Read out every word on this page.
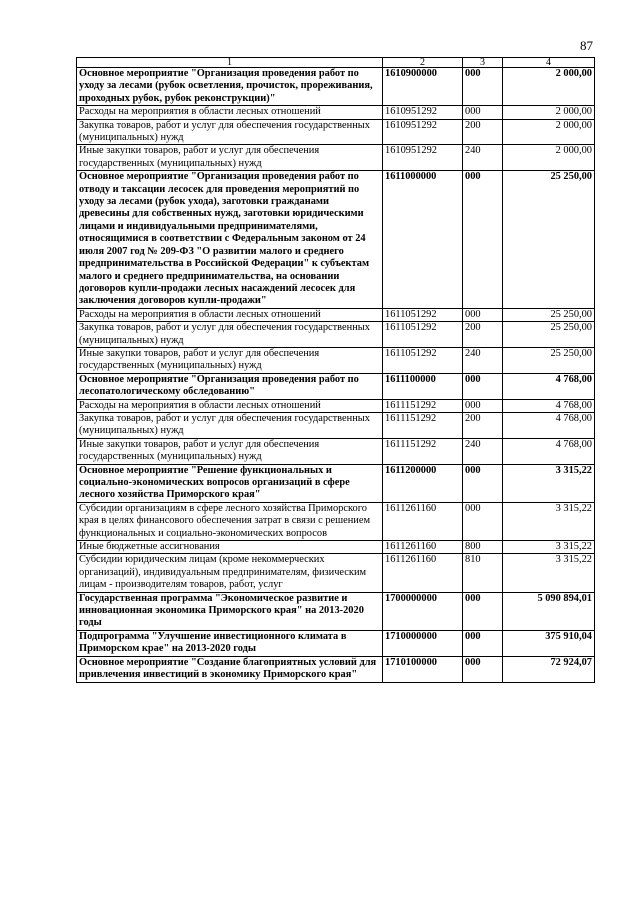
87
1	2	3	4
Основное мероприятие "Организация проведения работ по уходу за лесами (рубок осветления, прочисток, прореживания, проходных рубок, рубок реконструкции)"	1610900000	000	2 000,00
Расходы на мероприятия в области лесных отношений	1610951292	000	2 000,00
Закупка товаров, работ и услуг для обеспечения государственных (муниципальных) нужд	1610951292	200	2 000,00
Иные закупки товаров, работ и услуг для обеспечения государственных (муниципальных) нужд	1610951292	240	2 000,00
Основное мероприятие "Организация проведения работ по отводу и таксации лесосек для проведения мероприятий по уходу за лесами (рубок ухода), заготовки гражданами древесины для собственных нужд, заготовки юридическими лицами и индивидуальными предпринимателями, относящимися в соответствии с Федеральным законом от 24 июля 2007 год № 209-ФЗ "О развитии малого и среднего предпринимательства в Российской Федерации" к субъектам малого и среднего предпринимательства, на основании договоров купли-продажи лесных насаждений лесосек для заключения договоров купли-продажи"	1611000000	000	25 250,00
Расходы на мероприятия в области лесных отношений	1611051292	000	25 250,00
Закупка товаров, работ и услуг для обеспечения государственных (муниципальных) нужд	1611051292	200	25 250,00
Иные закупки товаров, работ и услуг для обеспечения государственных (муниципальных) нужд	1611051292	240	25 250,00
Основное мероприятие "Организация проведения работ по лесопатологическому обследованию"	1611100000	000	4 768,00
Расходы на мероприятия в области лесных отношений	1611151292	000	4 768,00
Закупка товаров, работ и услуг для обеспечения государственных (муниципальных) нужд	1611151292	200	4 768,00
Иные закупки товаров, работ и услуг для обеспечения государственных (муниципальных) нужд	1611151292	240	4 768,00
Основное мероприятие "Решение функциональных и социально-экономических вопросов организаций в сфере лесного хозяйства Приморского края"	1611200000	000	3 315,22
Субсидии организациям в сфере лесного хозяйства Приморского края в целях финансового обеспечения затрат в связи с решением функциональных и социально-экономических вопросов	1611261160	000	3 315,22
Иные бюджетные ассигнования	1611261160	800	3 315,22
Субсидии юридическим лицам (кроме некоммерческих организаций), индивидуальным предпринимателям, физическим лицам - производителям товаров, работ, услуг	1611261160	810	3 315,22
Государственная программа "Экономическое развитие и инновационная экономика Приморского края" на 2013-2020 годы	1700000000	000	5 090 894,01
Подпрограмма "Улучшение инвестиционного климата в Приморском крае" на 2013-2020 годы	1710000000	000	375 910,04
Основное мероприятие "Создание благоприятных условий для привлечения инвестиций в экономику Приморского края"	1710100000	000	72 924,07
